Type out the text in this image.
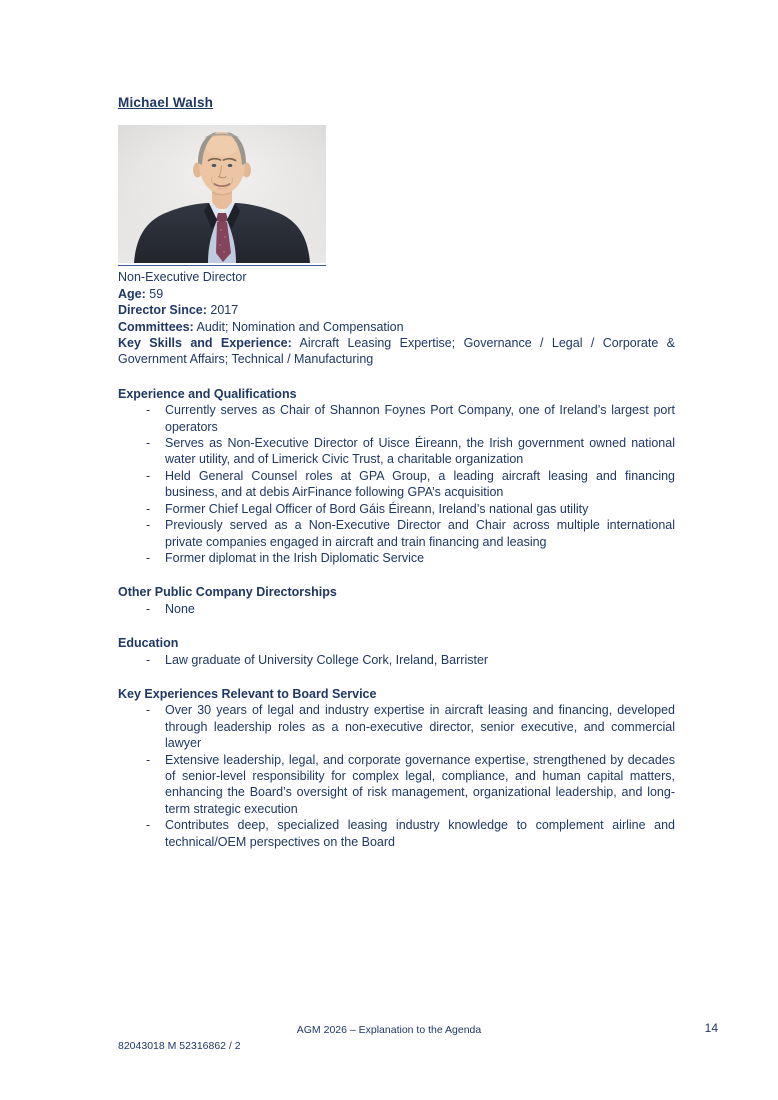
Michael Walsh

Non-Executive Director
Age: 59
Director Since: 2017
Committees: Audit; Nomination and Compensation

Key Skills and Experience: Aircraft Leasing Expertise; Governance / Legal / Corporate & Government Affairs; Technical / Manufacturing

Experience and Qualifications
-	Currently serves as Chair of Shannon Foynes Port Company, one of Ireland’s largest port operators
-	Serves as Non-Executive Director of Uisce Éireann, the Irish government owned national water utility, and of Limerick Civic Trust, a charitable organization
-	Held General Counsel roles at GPA Group, a leading aircraft leasing and financing business, and at debis AirFinance following GPA’s acquisition
-	Former Chief Legal Officer of Bord Gáis Éireann, Ireland’s national gas utility
-	Previously served as a Non-Executive Director and Chair across multiple international private companies engaged in aircraft and train financing and leasing
-	Former diplomat in the Irish Diplomatic Service
Other Public Company Directorships
-	None
Education
-	Law graduate of University College Cork, Ireland, Barrister
Key Experiences Relevant to Board Service
-	Over 30 years of legal and industry expertise in aircraft leasing and financing, developed through leadership roles as a non-executive director, senior executive, and commercial lawyer
-	Extensive leadership, legal, and corporate governance expertise, strengthened by decades of senior-level responsibility for complex legal, compliance, and human capital matters, enhancing the Board’s oversight of risk management, organizational leadership, and long-term strategic execution
-	Contributes deep, specialized leasing industry knowledge to complement airline and technical/OEM perspectives on the Board
AGM 2026 – Explanation to the Agenda	14
82043018 M 52316862 / 2
